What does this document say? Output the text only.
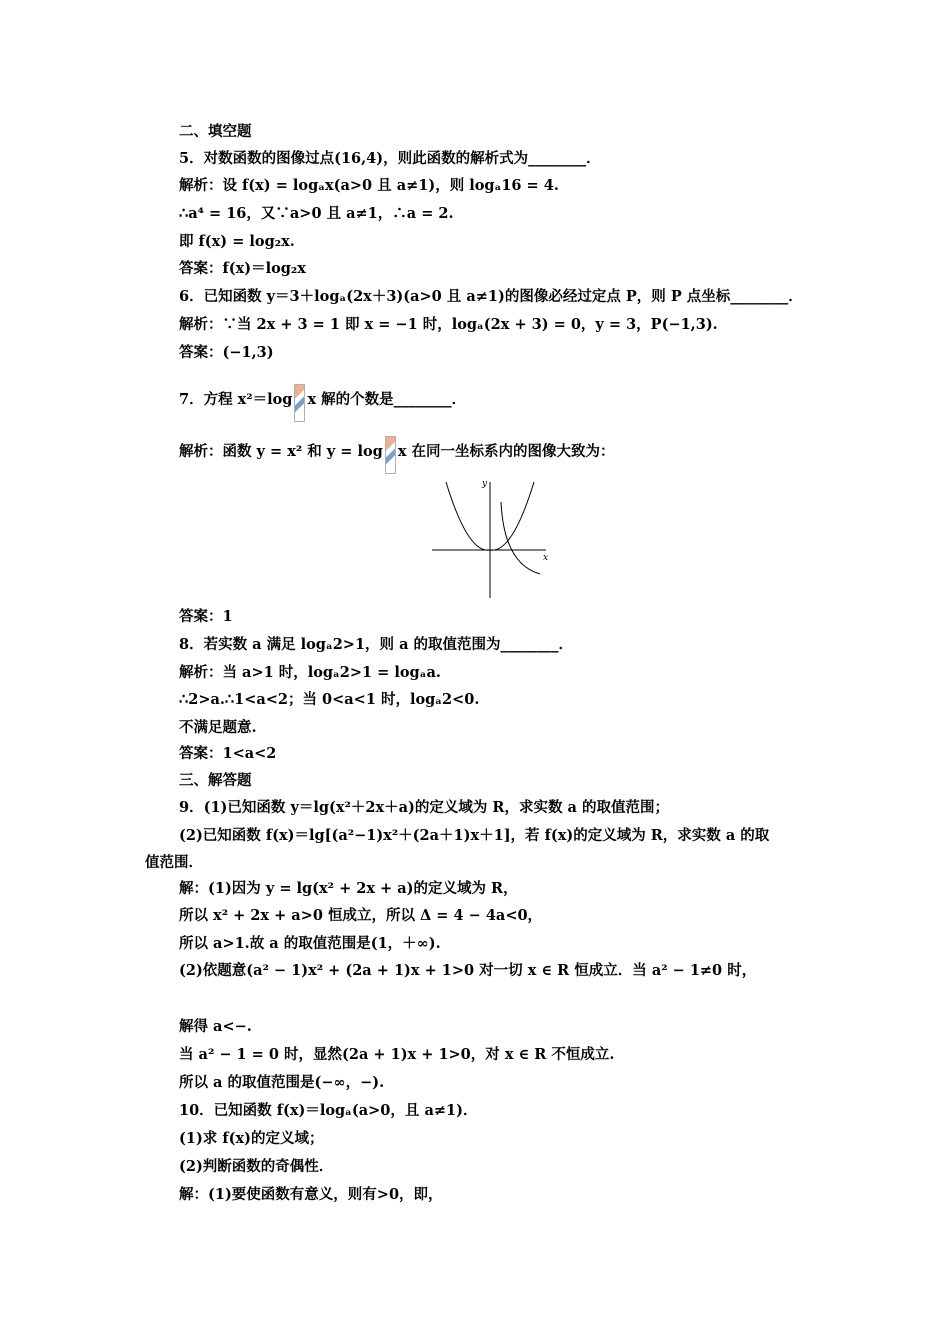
二、填空题
5．对数函数的图像过点(16,4)，则此函数的解析式为________．
解析：设 f(x) = logₐx(a>0 且 a≠1)，则 logₐ16 = 4.
∴a⁴ = 16，又∵a>0 且 a≠1，∴a = 2.
即 f(x) = log₂x.
答案：f(x)＝log₂x
6．已知函数 y＝3＋logₐ(2x＋3)(a>0 且 a≠1)的图像必经过定点 P，则 P 点坐标________．
解析：∵当 2x + 3 = 1 即 x = −1 时，logₐ(2x + 3) = 0，y = 3，P(−1,3).
答案：(−1,3)
8．若实数 a 满足 logₐ2>1，则 a 的取值范围为________．
解析：当 a>1 时，logₐ2>1 = logₐa.
∴2>a.∴1<a<2；当 0<a<1 时，logₐ2<0.
不满足题意.
答案：1<a<2
三、解答题
9．(1)已知函数 y＝lg(x²＋2x＋a)的定义域为 R，求实数 a 的取值范围；
(2)已知函数 f(x)＝lg[(a²−1)x²＋(2a＋1)x＋1]，若 f(x)的定义域为 R，求实数 a 的取
值范围．
解：(1)因为 y = lg(x² + 2x + a)的定义域为 R，
所以 x² + 2x + a>0 恒成立，所以 Δ = 4 − 4a<0，
所以 a>1.故 a 的取值范围是(1，＋∞).
(2)依题意(a² − 1)x² + (2a + 1)x + 1>0 对一切 x ∈ R 恒成立．当 a² − 1≠0 时，
解得 a<−.
当 a² − 1 = 0 时，显然(2a + 1)x + 1>0，对 x ∈ R 不恒成立.
所以 a 的取值范围是(−∞，−).
10．已知函数 f(x)＝logₐ(a>0，且 a≠1)．
(1)求 f(x)的定义域；
(2)判断函数的奇偶性．
解：(1)要使函数有意义，则有>0，即，
7．方程 x²＝log x 解的个数是________．
解析：函数 y = x² 和 y = log x 在同一坐标系内的图像大致为：
y
x
答案：1
